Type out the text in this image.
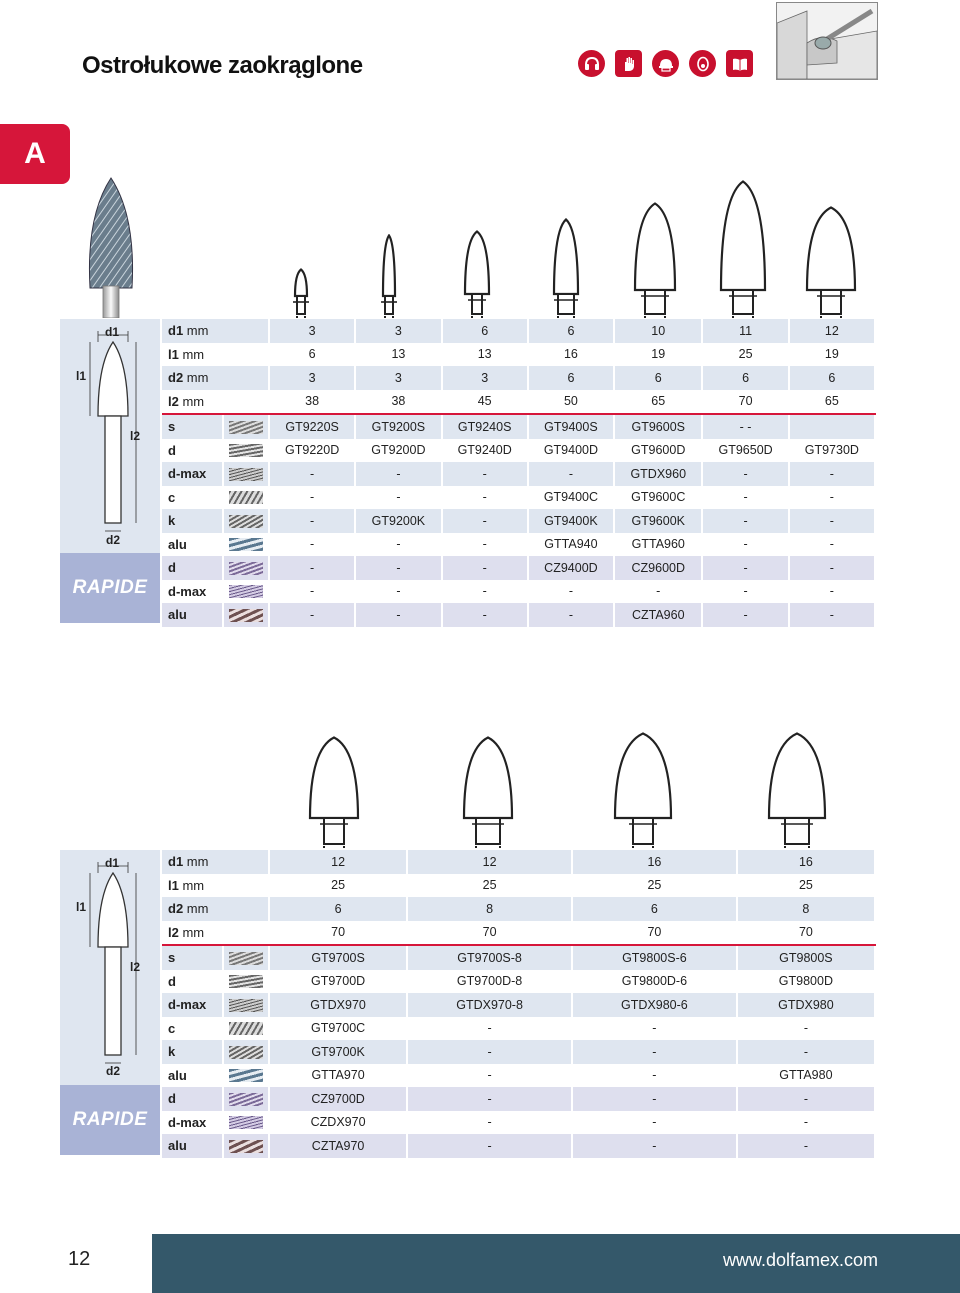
Ostrołukowe zaokrąglone
A
d1
l1
l2
d2
RAPIDE
d1 mm		3	3	6	6	10	11	12
l1 mm		6	13	13	16	19	25	19
d2 mm		3	3	3	6	6	6	6
l2 mm		38	38	45	50	65	70	65
s		GT9220S	GT9200S	GT9240S	GT9400S	GT9600S	- -	
d		GT9220D	GT9200D	GT9240D	GT9400D	GT9600D	GT9650D	GT9730D
d-max		-	-	-	-	GTDX960	-	-
c		-	-	-	GT9400C	GT9600C	-	-
k		-	GT9200K	-	GT9400K	GT9600K	-	-
alu		-	-	-	GTTA940	GTTA960	-	-
d		-	-	-	CZ9400D	CZ9600D	-	-
d-max		-	-	-	-	-	-	-
alu		-	-	-	-	CZTA960	-	-
d1
l1
l2
d2
RAPIDE
d1 mm		12	12	16	16
l1 mm		25	25	25	25
d2 mm		6	8	6	8
l2 mm		70	70	70	70
s		GT9700S	GT9700S-8	GT9800S-6	GT9800S
d		GT9700D	GT9700D-8	GT9800D-6	GT9800D
d-max		GTDX970	GTDX970-8	GTDX980-6	GTDX980
c		GT9700C	-	-	-
k		GT9700K	-	-	-
alu		GTTA970	-	-	GTTA980
d		CZ9700D	-	-	-
d-max		CZDX970	-	-	-
alu		CZTA970	-	-	-
12	www.dolfamex.com
